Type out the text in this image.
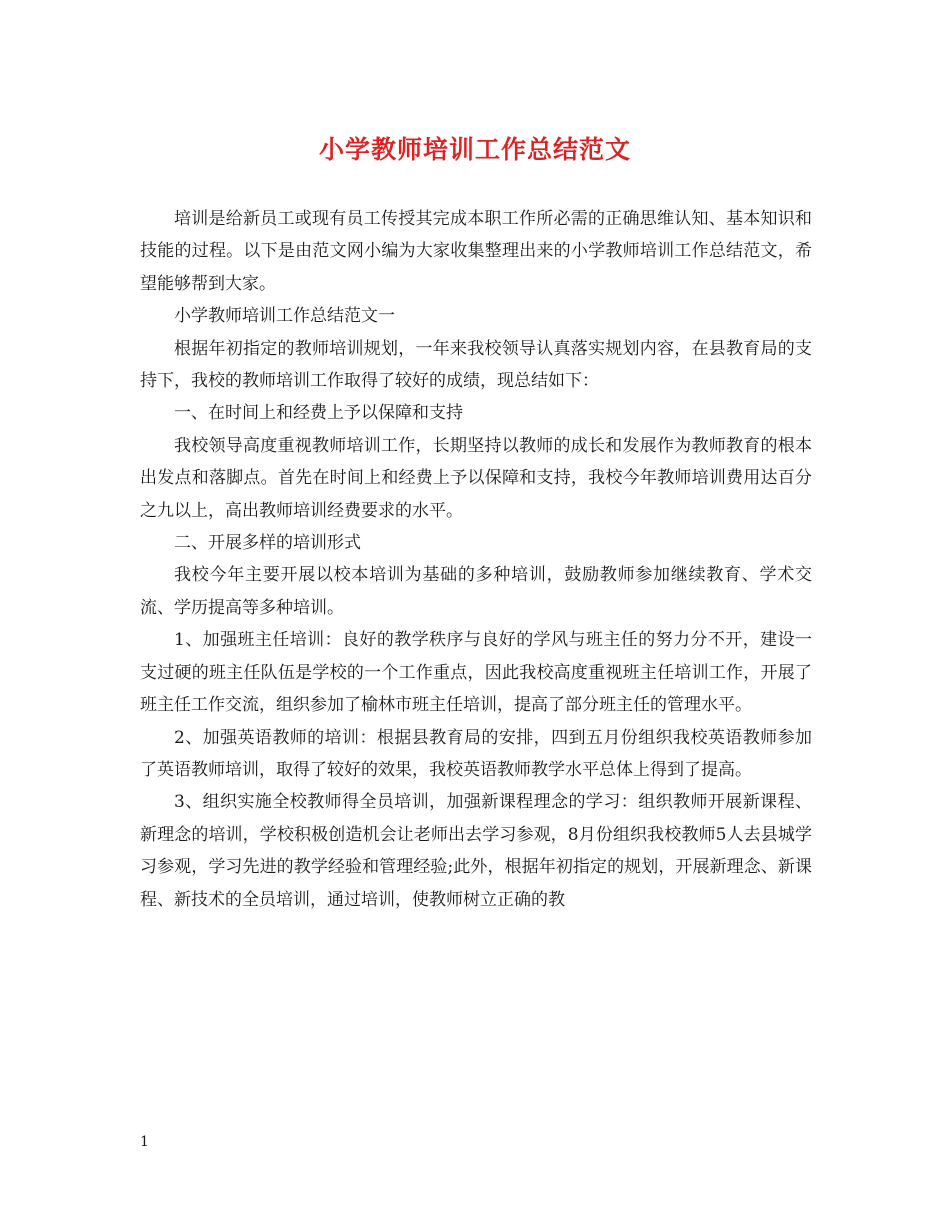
小学教师培训工作总结范文

培训是给新员工或现有员工传授其完成本职工作所必需的正确思维认知、基本知识和技能的过程。以下是由范文网小编为大家收集整理出来的小学教师培训工作总结范文，希望能够帮到大家。

小学教师培训工作总结范文一

根据年初指定的教师培训规划，一年来我校领导认真落实规划内容，在县教育局的支持下，我校的教师培训工作取得了较好的成绩，现总结如下：

一、在时间上和经费上予以保障和支持

我校领导高度重视教师培训工作，长期坚持以教师的成长和发展作为教师教育的根本出发点和落脚点。首先在时间上和经费上予以保障和支持，我校今年教师培训费用达百分之九以上，高出教师培训经费要求的水平。

二、开展多样的培训形式

我校今年主要开展以校本培训为基础的多种培训，鼓励教师参加继续教育、学术交流、学历提高等多种培训。

1、加强班主任培训：良好的教学秩序与良好的学风与班主任的努力分不开，建设一支过硬的班主任队伍是学校的一个工作重点，因此我校高度重视班主任培训工作，开展了班主任工作交流，组织参加了榆林市班主任培训，提高了部分班主任的管理水平。

2、加强英语教师的培训：根据县教育局的安排，四到五月份组织我校英语教师参加了英语教师培训，取得了较好的效果，我校英语教师教学水平总体上得到了提高。

3、组织实施全校教师得全员培训，加强新课程理念的学习：组织教师开展新课程、新理念的培训，学校积极创造机会让老师出去学习参观，8月份组织我校教师5人去县城学习参观，学习先进的教学经验和管理经验;此外，根据年初指定的规划，开展新理念、新课程、新技术的全员培训，通过培训，使教师树立正确的教

1
